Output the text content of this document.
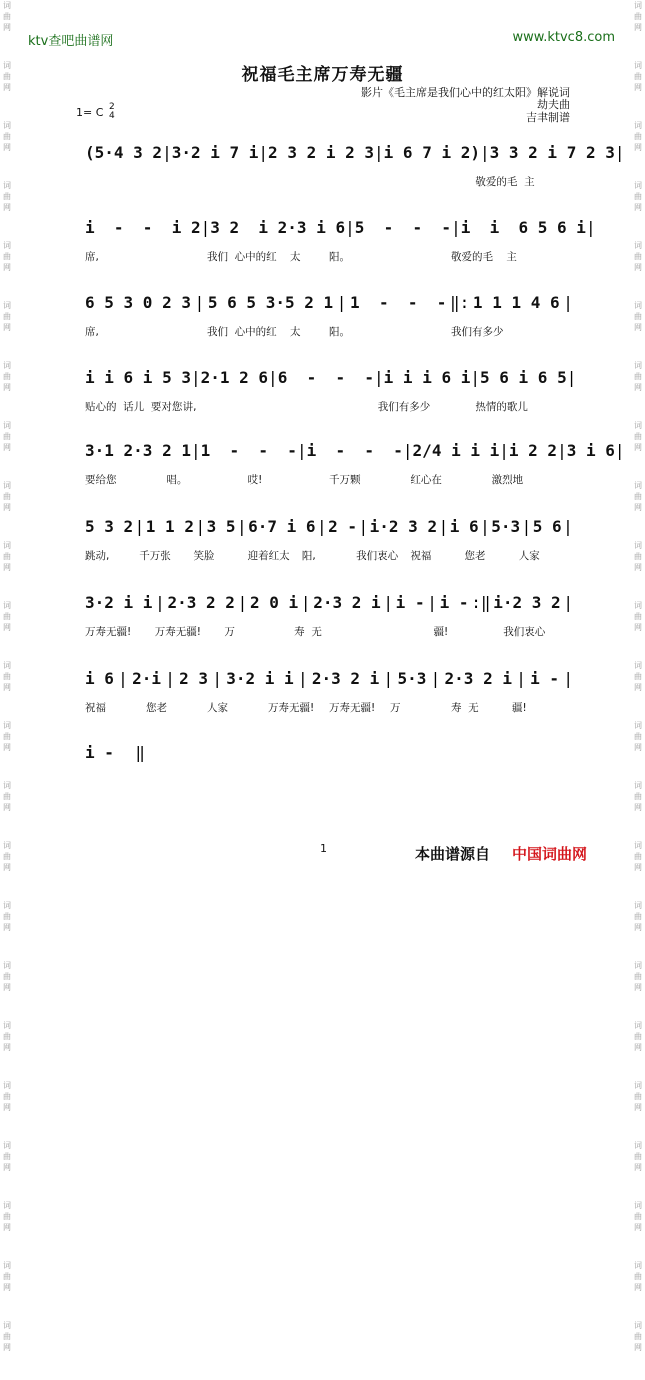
词
曲
网
词
曲
网
词
曲
网
词
曲
网
词
曲
网
词
曲
网
词
曲
网
词
曲
网
词
曲
网
词
曲
网
词
曲
网
词
曲
网
词
曲
网
词
曲
网
词
曲
网
词
曲
网
词
曲
网
词
曲
网
词
曲
网
词
曲
网
词
曲
网
词
曲
网
词
曲
网
词
曲
网
词
曲
网
词
曲
网
词
曲
网
词
曲
网
词
曲
网
词
曲
网
词
曲
网
词
曲
网
词
曲
网
词
曲
网
词
曲
网
词
曲
网
词
曲
网
词
曲
网
词
曲
网
词
曲
网
词
曲
网
词
曲
网
词
曲
网
词
曲
网
词
曲
网
词
曲
网
ktv查吧曲谱网	www.ktvc8.com
祝福毛主席万寿无疆
影片《毛主席是我们心中的红太阳》解说词
劫夫曲
吉聿制谱
1= C 2
4
(5·4 3 2 | 3·2 i 7 i | 2 3 2 i 2 3 | i 6 7 i 2) | 3 3 2 i 7 2 3 |
敬爱的毛  主
i  -  -  i 2 | 3 2  i 2·3 i 6 | 5  -  -  - | i  i  6 5 6 i |
席,	我们  心中的红    太	阳。	敬爱的毛    主
6 5 3 0 2 3 | 5 6 5 3·5 2 1 | 1  -  -  - ‖: 1 1 1 4 6 |
席,	我们  心中的红    太	阳。	我们有多少
i i 6 i 5 3 | 2·1 2 6 | 6  -  -  - | i i i 6 i | 5 6 i 6 5 |
贴心的  话儿  要对您 讲,	我们有多少	热情的歌儿
3·1 2·3 2 1 | 1  -  -  - | i  -  -  - | 2/4 i i i | i 2 2 | 3 i 6 |
要给您	唱。	哎!	千万颗	红心在	激烈地
5 3 2 | 1 1 2 | 3 5 | 6·7 i 6 | 2 - | i·2 3 2 | i 6 | 5·3 | 5 6 |
跳动,	千万张 笑脸	迎着红太 阳,	我们衷心 祝福	您老	人家
3·2 i i | 2·3 2 2 | 2 0 i | 2·3 2 i | i - | i - :‖ i·2 3 2 |
万寿无疆! 万寿无疆! 万	寿  无	疆!	我们衷心
i 6 | 2·i | 2 3 | 3·2 i i | 2·3 2 i | 5·3 | 2·3 2 i | i - |
祝福	您老	人家	万寿无疆! 万寿无疆! 万	寿  无	疆!
i - ‖
1	本曲谱源自 中国词曲网
